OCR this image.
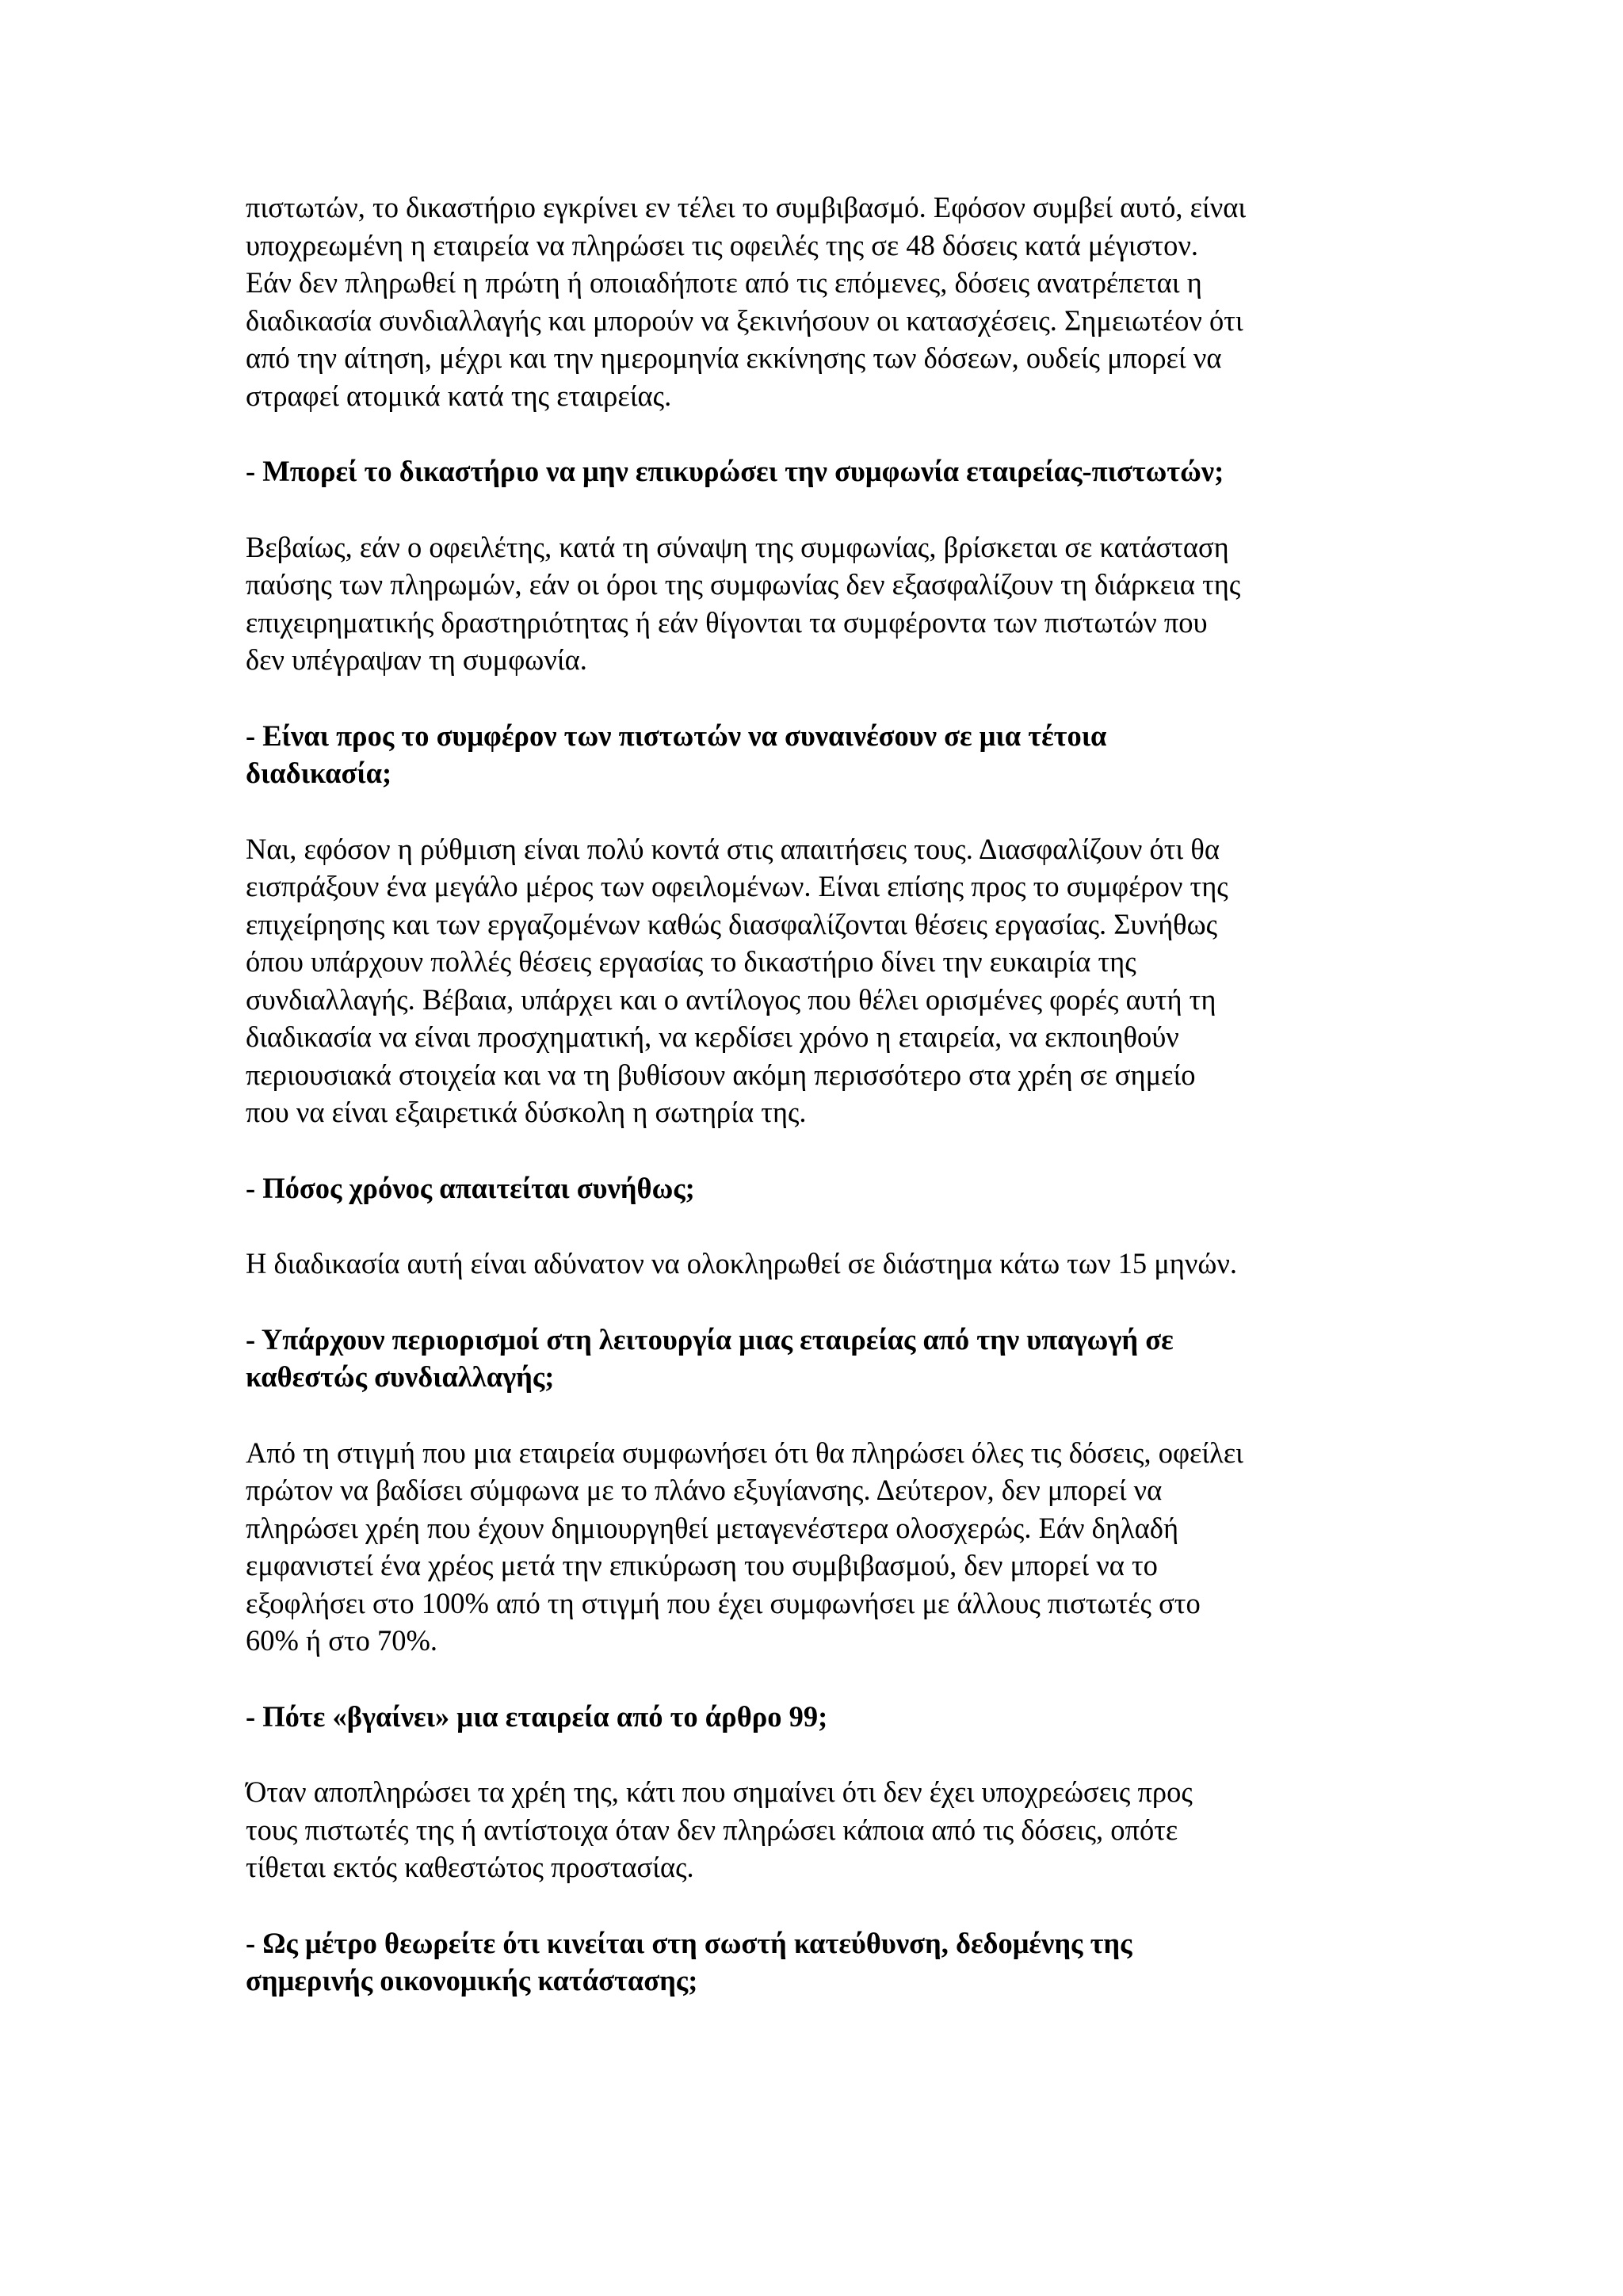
πιστωτών, το δικαστήριο εγκρίνει εν τέλει το συμβιβασμό. Εφόσον συμβεί αυτό, είναι
υποχρεωμένη η εταιρεία να πληρώσει τις οφειλές της σε 48 δόσεις κατά μέγιστον.
Εάν δεν πληρωθεί η πρώτη ή οποιαδήποτε από τις επόμενες, δόσεις ανατρέπεται η
διαδικασία συνδιαλλαγής και μπορούν να ξεκινήσουν οι κατασχέσεις. Σημειωτέον ότι
από την αίτηση, μέχρι και την ημερομηνία εκκίνησης των δόσεων, ουδείς μπορεί να
στραφεί ατομικά κατά της εταιρείας.
- Μπορεί το δικαστήριο να μην επικυρώσει την συμφωνία εταιρείας-πιστωτών;
Βεβαίως, εάν ο οφειλέτης, κατά τη σύναψη της συμφωνίας, βρίσκεται σε κατάσταση
παύσης των πληρωμών, εάν οι όροι της συμφωνίας δεν εξασφαλίζουν τη διάρκεια της
επιχειρηματικής δραστηριότητας ή εάν θίγονται τα συμφέροντα των πιστωτών που
δεν υπέγραψαν τη συμφωνία.
- Είναι προς το συμφέρον των πιστωτών να συναινέσουν σε μια τέτοια
διαδικασία;
Ναι, εφόσον η ρύθμιση είναι πολύ κοντά στις απαιτήσεις τους. Διασφαλίζουν ότι θα
εισπράξουν ένα μεγάλο μέρος των οφειλομένων. Είναι επίσης προς το συμφέρον της
επιχείρησης και των εργαζομένων καθώς διασφαλίζονται θέσεις εργασίας. Συνήθως
όπου υπάρχουν πολλές θέσεις εργασίας το δικαστήριο δίνει την ευκαιρία της
συνδιαλλαγής. Βέβαια, υπάρχει και ο αντίλογος που θέλει ορισμένες φορές αυτή τη
διαδικασία να είναι προσχηματική, να κερδίσει χρόνο η εταιρεία, να εκποιηθούν
περιουσιακά στοιχεία και να τη βυθίσουν ακόμη περισσότερο στα χρέη σε σημείο
που να είναι εξαιρετικά δύσκολη η σωτηρία της.
- Πόσος χρόνος απαιτείται συνήθως;
Η διαδικασία αυτή είναι αδύνατον να ολοκληρωθεί σε διάστημα κάτω των 15 μηνών.
- Υπάρχουν περιορισμοί στη λειτουργία μιας εταιρείας από την υπαγωγή σε
καθεστώς συνδιαλλαγής;
Από τη στιγμή που μια εταιρεία συμφωνήσει ότι θα πληρώσει όλες τις δόσεις, οφείλει
πρώτον να βαδίσει σύμφωνα με το πλάνο εξυγίανσης. Δεύτερον, δεν μπορεί να
πληρώσει χρέη που έχουν δημιουργηθεί μεταγενέστερα ολοσχερώς. Εάν δηλαδή
εμφανιστεί ένα χρέος μετά την επικύρωση του συμβιβασμού, δεν μπορεί να το
εξοφλήσει στο 100% από τη στιγμή που έχει συμφωνήσει με άλλους πιστωτές στο
60% ή στο 70%.
- Πότε «βγαίνει» μια εταιρεία από το άρθρο 99;
Όταν αποπληρώσει τα χρέη της, κάτι που σημαίνει ότι δεν έχει υποχρεώσεις προς
τους πιστωτές της ή αντίστοιχα όταν δεν πληρώσει κάποια από τις δόσεις, οπότε
τίθεται εκτός καθεστώτος προστασίας.
- Ως μέτρο θεωρείτε ότι κινείται στη σωστή κατεύθυνση, δεδομένης της
σημερινής οικονομικής κατάστασης;
